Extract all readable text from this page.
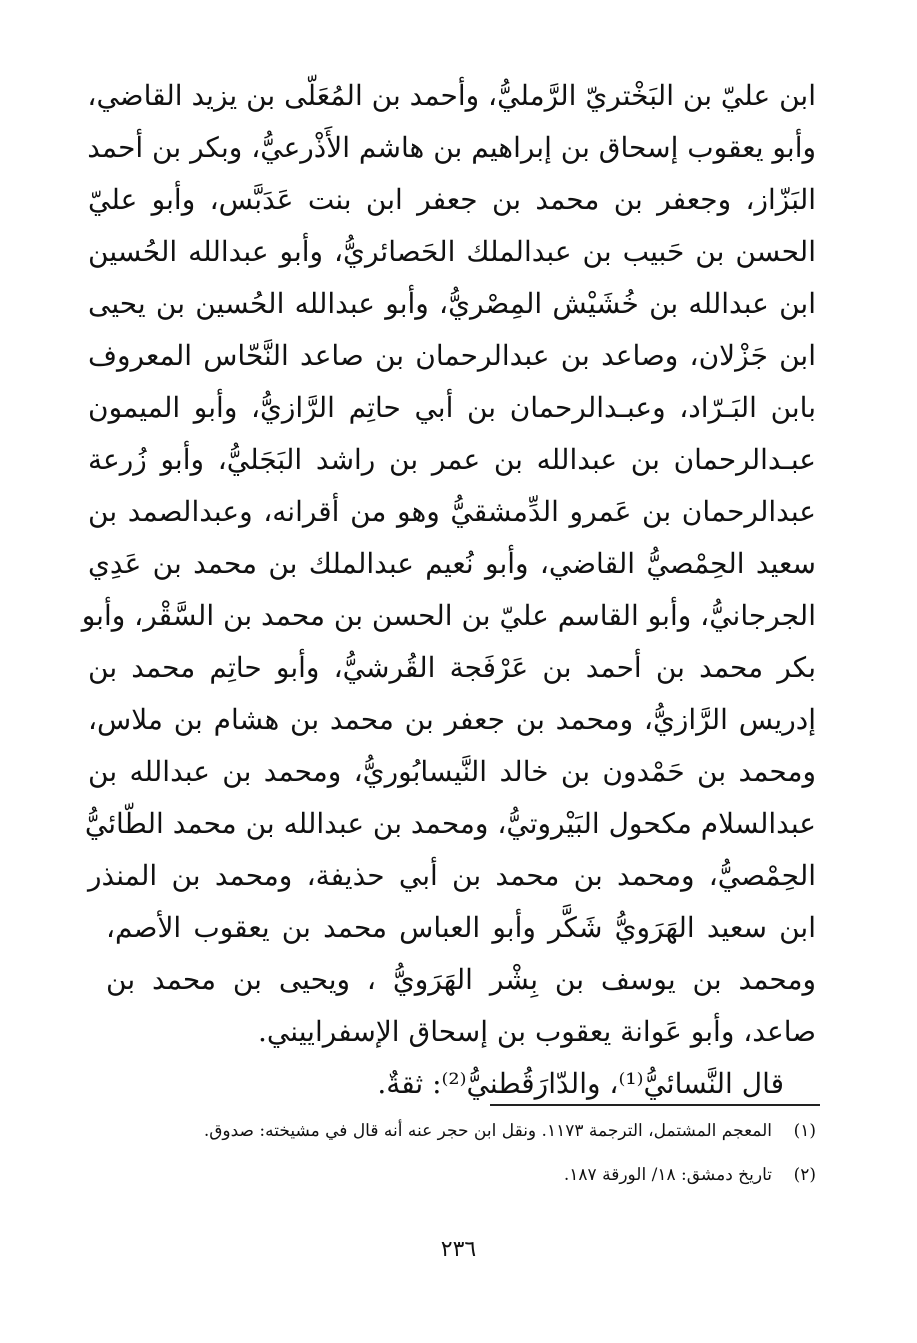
ابن عليّ بن البَخْتريّ الرَّمليُّ، وأحمد بن المُعَلّى بن يزيد القاضي،
وأبو يعقوب إسحاق بن إبراهيم بن هاشم الأَذْرعيُّ، وبكر بن أحمد
البَزّاز، وجعفر بن محمد بن جعفر ابن بنت عَدَبَّس، وأبو عليّ
الحسن بن حَبيب بن عبدالملك الحَصائريُّ، وأبو عبدالله الحُسين
ابن عبدالله بن خُشَيْش المِصْريُّ، وأبو عبدالله الحُسين بن يحيى
ابن جَزْلان، وصاعد بن عبدالرحمان بن صاعد النَّحّاس المعروف
بابن البَـرّاد، وعبـدالرحمان بن أبي حاتِم الرَّازيُّ، وأبو الميمون
عبـدالرحمان بن عبدالله بن عمر بن راشد البَجَليُّ، وأبو زُرعة
عبدالرحمان بن عَمرو الدِّمشقيُّ وهو من أقرانه، وعبدالصمد بن
سعيد الحِمْصيُّ القاضي، وأبو نُعيم عبدالملك بن محمد بن عَدِي
الجرجانيُّ، وأبو القاسم عليّ بن الحسن بن محمد بن السَّقْر، وأبو
بكر محمد بن أحمد بن عَرْفَجة القُرشيُّ، وأبو حاتِم محمد بن
إدريس الرَّازيُّ، ومحمد بن جعفر بن محمد بن هشام بن ملاس،
ومحمد بن حَمْدون بن خالد النَّيسابُوريُّ، ومحمد بن عبدالله بن
عبدالسلام مكحول البَيْروتيُّ، ومحمد بن عبدالله بن محمد الطّائيُّ
الحِمْصيُّ، ومحمد بن محمد بن أبي حذيفة، ومحمد بن المنذر
ابن سعيد الهَرَويُّ شَكَّر وأبو العباس محمد بن يعقوب الأصم،
ومحمد بن يوسف بن بِشْر الهَرَويُّ ، ويحيى بن محمد بن
صاعد، وأبو عَوانة يعقوب بن إسحاق الإسفراييني.
قال النَّسائيُّ⁽¹⁾، والدّارَقُطنيُّ⁽²⁾: ثقةٌ.
(١)
المعجم المشتمل، الترجمة ١١٧٣. ونقل ابن حجر عنه أنه قال في مشيخته: صدوق.
(٢)
تاريخ دمشق: ١٨/ الورقة ١٨٧.
٢٣٦
